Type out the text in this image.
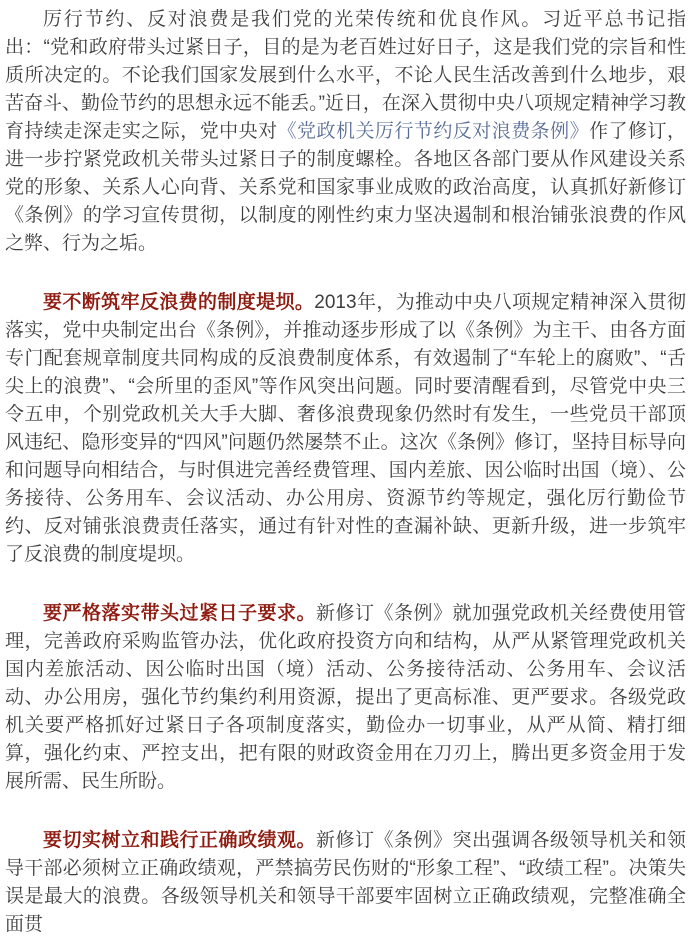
厉行节约、反对浪费是我们党的光荣传统和优良作风。习近平总书记指出：“党和政府带头过紧日子，目的是为老百姓过好日子，这是我们党的宗旨和性质所决定的。不论我们国家发展到什么水平，不论人民生活改善到什么地步，艰苦奋斗、勤俭节约的思想永远不能丢。”近日，在深入贯彻中央八项规定精神学习教育持续走深走实之际，党中央对《党政机关厉行节约反对浪费条例》作了修订，进一步拧紧党政机关带头过紧日子的制度螺栓。各地区各部门要从作风建设关系党的形象、关系人心向背、关系党和国家事业成败的政治高度，认真抓好新修订《条例》的学习宣传贯彻，以制度的刚性约束力坚决遏制和根治铺张浪费的作风之弊、行为之垢。

要不断筑牢反浪费的制度堤坝。2013年，为推动中央八项规定精神深入贯彻落实，党中央制定出台《条例》，并推动逐步形成了以《条例》为主干、由各方面专门配套规章制度共同构成的反浪费制度体系，有效遏制了“车轮上的腐败”、“舌尖上的浪费”、“会所里的歪风”等作风突出问题。同时要清醒看到，尽管党中央三令五申，个别党政机关大手大脚、奢侈浪费现象仍然时有发生，一些党员干部顶风违纪、隐形变异的“四风”问题仍然屡禁不止。这次《条例》修订，坚持目标导向和问题导向相结合，与时俱进完善经费管理、国内差旅、因公临时出国（境）、公务接待、公务用车、会议活动、办公用房、资源节约等规定，强化厉行勤俭节约、反对铺张浪费责任落实，通过有针对性的查漏补缺、更新升级，进一步筑牢了反浪费的制度堤坝。

要严格落实带头过紧日子要求。新修订《条例》就加强党政机关经费使用管理，完善政府采购监管办法，优化政府投资方向和结构，从严从紧管理党政机关国内差旅活动、因公临时出国（境）活动、公务接待活动、公务用车、会议活动、办公用房，强化节约集约利用资源，提出了更高标准、更严要求。各级党政机关要严格抓好过紧日子各项制度落实，勤俭办一切事业，从严从简、精打细算，强化约束、严控支出，把有限的财政资金用在刀刃上，腾出更多资金用于发展所需、民生所盼。

要切实树立和践行正确政绩观。新修订《条例》突出强调各级领导机关和领导干部必须树立正确政绩观，严禁搞劳民伤财的“形象工程”、“政绩工程”。决策失误是最大的浪费。各级领导机关和领导干部要牢固树立正确政绩观，完整准确全面贯
